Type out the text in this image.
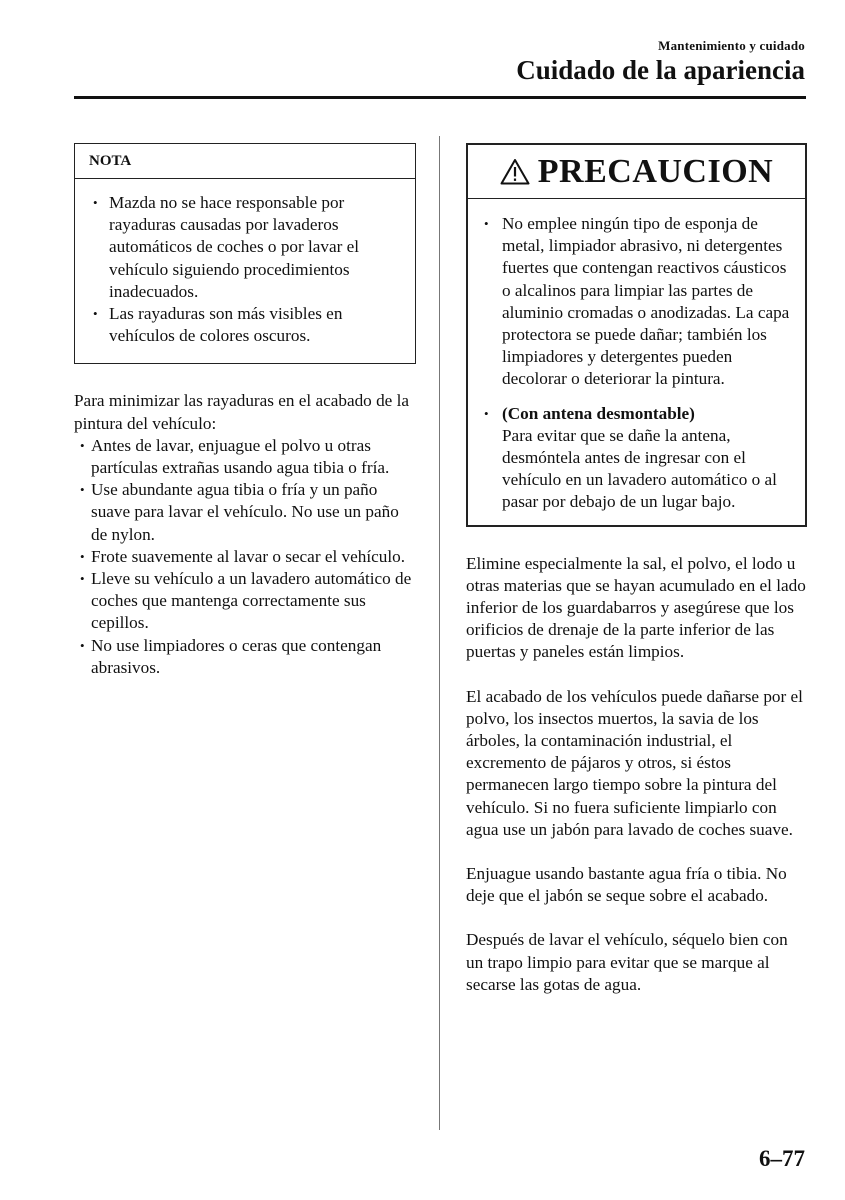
Mantenimiento y cuidado
Cuidado de la apariencia
NOTA
• Mazda no se hace responsable por rayaduras causadas por lavaderos automáticos de coches o por lavar el vehículo siguiendo procedimientos inadecuados.
• Las rayaduras son más visibles en vehículos de colores oscuros.

Para minimizar las rayaduras en el acabado de la pintura del vehículo:

• Antes de lavar, enjuague el polvo u otras partículas extrañas usando agua tibia o fría.
• Use abundante agua tibia o fría y un paño suave para lavar el vehículo. No use un paño de nylon.
• Frote suavemente al lavar o secar el vehículo.
• Lleve su vehículo a un lavadero automático de coches que mantenga correctamente sus cepillos.
• No use limpiadores o ceras que contengan abrasivos.
PRECAUCION
• No emplee ningún tipo de esponja de metal, limpiador abrasivo, ni detergentes fuertes que contengan reactivos cáusticos o alcalinos para limpiar las partes de aluminio cromadas o anodizadas. La capa protectora se puede dañar; también los limpiadores y detergentes pueden decolorar o deteriorar la pintura.
• (Con antena desmontable)
Para evitar que se dañe la antena, desmóntela antes de ingresar con el vehículo en un lavadero automático o al pasar por debajo de un lugar bajo.

Elimine especialmente la sal, el polvo, el lodo u otras materias que se hayan acumulado en el lado inferior de los guardabarros y asegúrese que los orificios de drenaje de la parte inferior de las puertas y paneles están limpios.

El acabado de los vehículos puede dañarse por el polvo, los insectos muertos, la savia de los árboles, la contaminación industrial, el excremento de pájaros y otros, si éstos permanecen largo tiempo sobre la pintura del vehículo. Si no fuera suficiente limpiarlo con agua use un jabón para lavado de coches suave.

Enjuague usando bastante agua fría o tibia. No deje que el jabón se seque sobre el acabado.

Después de lavar el vehículo, séquelo bien con un trapo limpio para evitar que se marque al secarse las gotas de agua.

6–77
